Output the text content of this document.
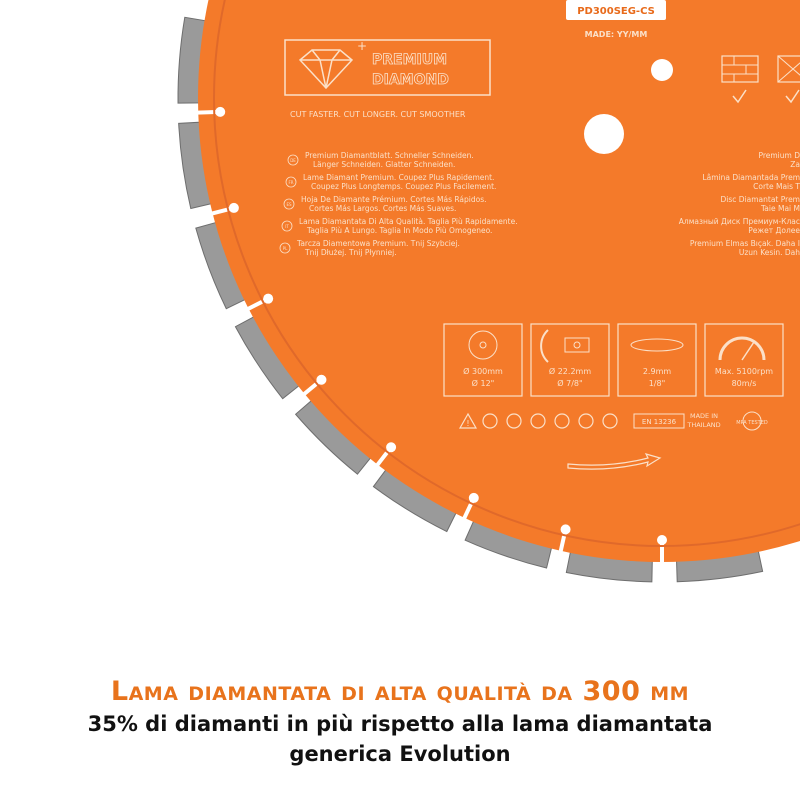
PD300SEG-CS
MADE: YY/MM
+
PREMIUM
DIAMOND
CUT FASTER. CUT LONGER. CUT SMOOTHER
DE
Premium Diamantblatt. Schneller Schneiden.
Länger Schneiden. Glatter Schneiden.
FR
Lame Diamant Premium. Coupez Plus Rapidement.
Coupez Plus Longtemps. Coupez Plus Facilement.
ES
Hoja De Diamante Prémium. Cortes Más Rápidos.
Cortes Más Largos. Cortes Más Suaves.
IT
Lama Diamantata Di Alta Qualità. Taglia Più Rapidamente.
Taglia Più A Lungo. Taglia In Modo Più Omogeneo.
PL
Tarcza Diamentowa Premium. Tnij Szybciej.
Tnij Dłużej. Tnij Płynniej.
Premium D
Za
Lâmina Diamantada Prem
Corte Mais T
Disc Diamantat Prem
Taie Mai M
Алмазный Диск Премиум-Клас
Режет Долее
Premium Elmas Bıçak. Daha I
Uzun Kesin. Dah
Ø 300mm
Ø 12"
Ø 22.2mm
Ø 7/8"
2.9mm
1/8"
Max. 5100rpm
80m/s
!	EN 13236
MADE IN
THAILAND	MPA TESTED

Lama diamantata di alta qualità da 300 mm

35% di diamanti in più rispetto alla lama diamantata

generica Evolution
